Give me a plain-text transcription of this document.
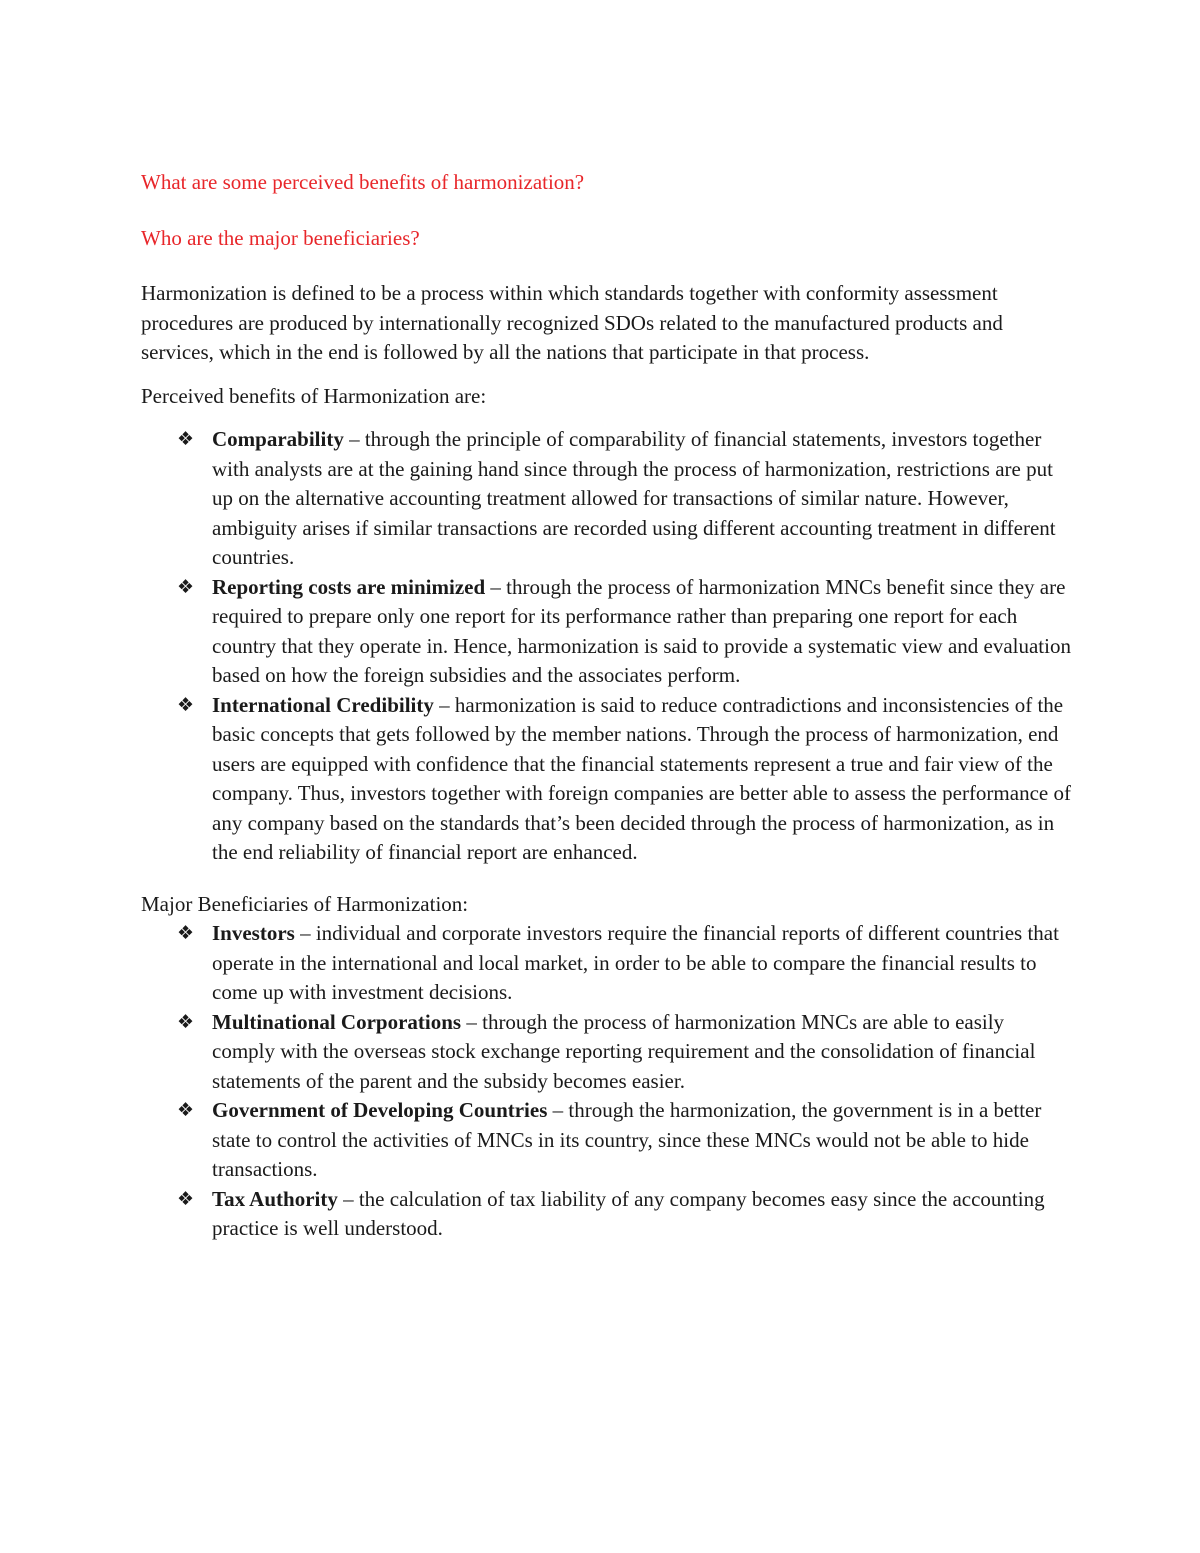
What are some perceived benefits of harmonization?

Who are the major beneficiaries?

Harmonization is defined to be a process within which standards together with conformity assessment procedures are produced by internationally recognized SDOs related to the manufactured products and services, which in the end is followed by all the nations that participate in that process.

Perceived benefits of Harmonization are:

❖ Comparability – through the principle of comparability of financial statements, investors together with analysts are at the gaining hand since through the process of harmonization, restrictions are put up on the alternative accounting treatment allowed for transactions of similar nature. However, ambiguity arises if similar transactions are recorded using different accounting treatment in different countries.
❖ Reporting costs are minimized – through the process of harmonization MNCs benefit since they are required to prepare only one report for its performance rather than preparing one report for each country that they operate in. Hence, harmonization is said to provide a systematic view and evaluation based on how the foreign subsidies and the associates perform.
❖ International Credibility – harmonization is said to reduce contradictions and inconsistencies of the basic concepts that gets followed by the member nations. Through the process of harmonization, end users are equipped with confidence that the financial statements represent a true and fair view of the company. Thus, investors together with foreign companies are better able to assess the performance of any company based on the standards that’s been decided through the process of harmonization, as in the end reliability of financial report are enhanced.

Major Beneficiaries of Harmonization:

❖ Investors – individual and corporate investors require the financial reports of different countries that operate in the international and local market, in order to be able to compare the financial results to come up with investment decisions.
❖ Multinational Corporations – through the process of harmonization MNCs are able to easily comply with the overseas stock exchange reporting requirement and the consolidation of financial statements of the parent and the subsidy becomes easier.
❖ Government of Developing Countries – through the harmonization, the government is in a better state to control the activities of MNCs in its country, since these MNCs would not be able to hide transactions.
❖ Tax Authority – the calculation of tax liability of any company becomes easy since the accounting practice is well understood.
